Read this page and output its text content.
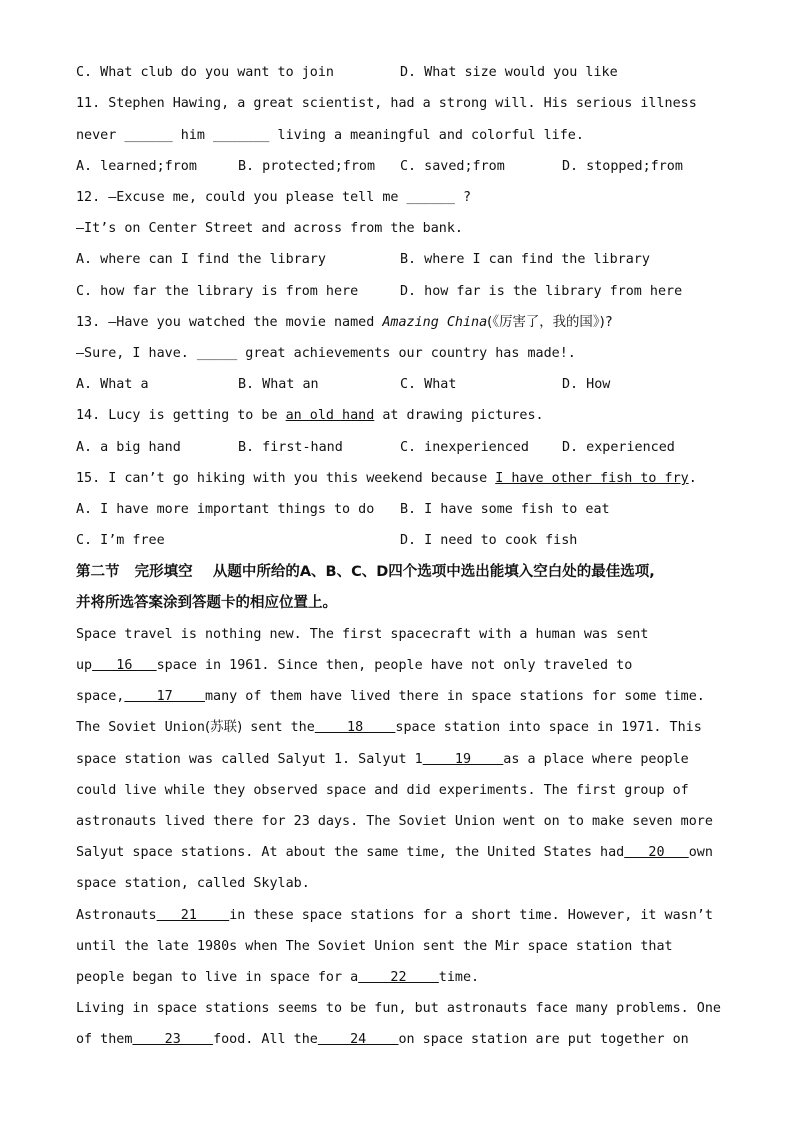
C. What club do you want to join

	D. What size would you like

11. Stephen Hawing, a great scientist, had a strong will. His serious illness
never ______ him _______ living a meaningful and colorful life.

A. learned;from

	B. protected;from

C. saved;from

	D. stopped;from

12. —Excuse me, could you please tell me ______ ?
—It’s on Center Street and across from the bank.

A. where can I find the library

	B. where I can find the library

C. how far the library is from here

	D. how far is the library from here

13. —Have you watched the movie named Amazing China(《厉害了，我的国》)?
—Sure, I have. _____ great achievements our country has made!.

A. What a

	B. What an

	C. What

	D. How

14. Lucy is getting to be an old hand at drawing pictures.

A. a big hand

	B. first-hand

	C. inexperienced

D. experienced

15. I can’t go hiking with you this weekend because I have other fish to fry.

A. I have more important things to do

B. I have some fish to eat

C. I’m free

	D. I need to cook fish

第二节   完形填空    从题中所给的A、B、C、D四个选项中选出能填入空白处的最佳选项,
并将所选答案涂到答题卡的相应位置上。
Space travel is nothing new. The first spacecraft with a human was sent
up   16   space in 1961. Since then, people have not only traveled to
space,    17    many of them have lived there in space stations for some time.
The Soviet Union(苏联) sent the    18    space station into space in 1971. This
space station was called Salyut 1. Salyut 1    19    as a place where people
could live while they observed space and did experiments. The first group of
astronauts lived there for 23 days. The Soviet Union went on to make seven more
Salyut space stations. At about the same time, the United States had   20   own
space station, called Skylab.
Astronauts   21    in these space stations for a short time. However, it wasn’t
until the late 1980s when The Soviet Union sent the Mir space station that
people began to live in space for a    22    time.
Living in space stations seems to be fun, but astronauts face many problems. One
of them    23    food. All the    24    on space station are put together on
